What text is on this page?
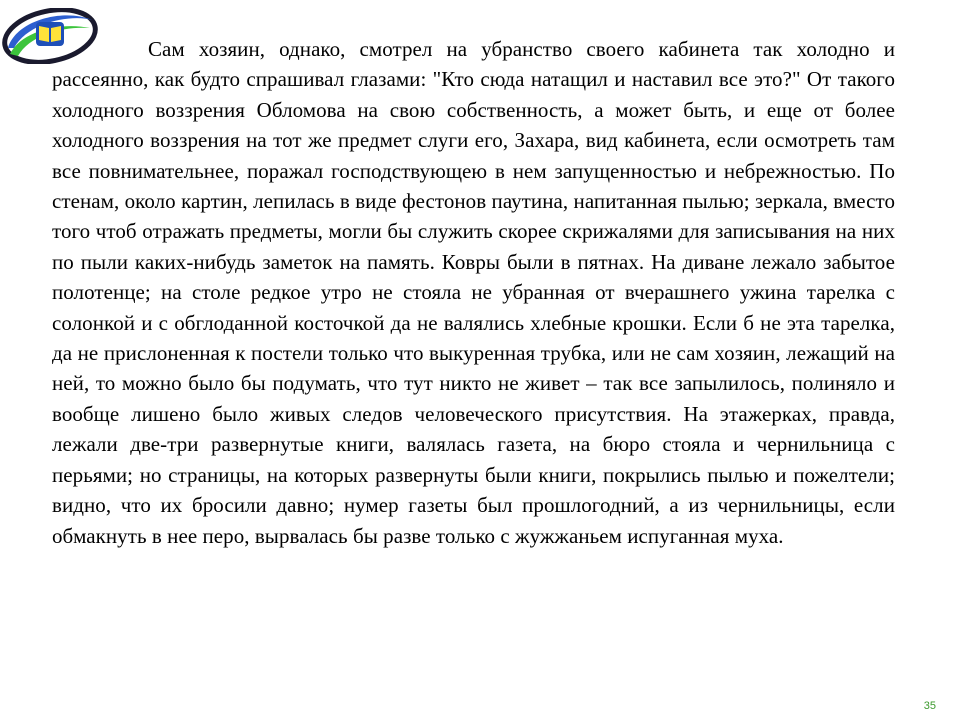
Сам хозяин, однако, смотрел на убранство своего кабинета так холодно и рассеянно, как будто спрашивал глазами: "Кто сюда натащил и наставил все это?" От такого холодного воззрения Обломова на свою собственность, а может быть, и еще от более холодного воззрения на тот же предмет слуги его, Захара, вид кабинета, если осмотреть там все повнимательнее, поражал господствующею в нем запущенностью и небрежностью. По стенам, около картин, лепилась в виде фестонов паутина, напитанная пылью; зеркала, вместо того чтоб отражать предметы, могли бы служить скорее скрижалями для записывания на них по пыли каких-нибудь заметок на память. Ковры были в пятнах. На диване лежало забытое полотенце; на столе редкое утро не стояла не убранная от вчерашнего ужина тарелка с солонкой и с обглоданной косточкой да не валялись хлебные крошки. Если б не эта тарелка, да не прислоненная к постели только что выкуренная трубка, или не сам хозяин, лежащий на ней, то можно было бы подумать, что тут никто не живет – так все запылилось, полиняло и вообще лишено было живых следов человеческого присутствия. На этажерках, правда, лежали две-три развернутые книги, валялась газета, на бюро стояла и чернильница с перьями; но страницы, на которых развернуты были книги, покрылись пылью и пожелтели; видно, что их бросили давно; нумер газеты был прошлогодний, а из чернильницы, если обмакнуть в нее перо, вырвалась бы разве только с жужжаньем испуганная муха.

35
